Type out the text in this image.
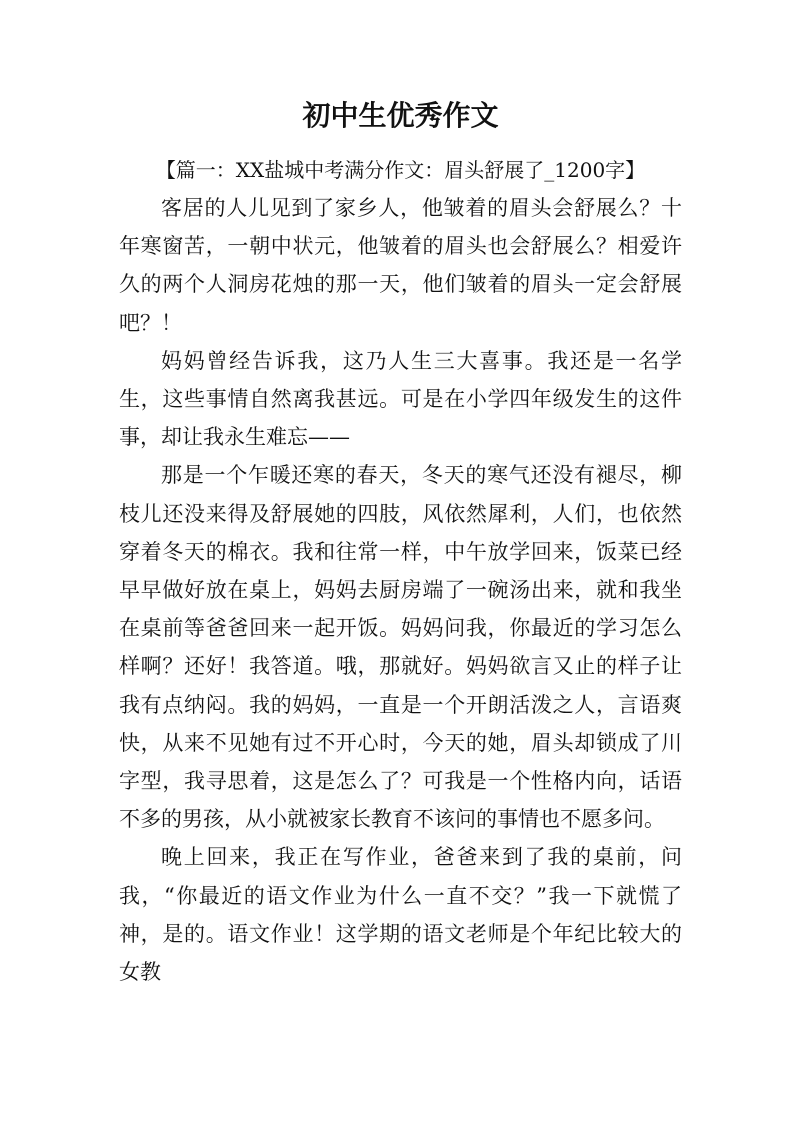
初中生优秀作文
【篇一：XX盐城中考满分作文：眉头舒展了_1200字】

客居的人儿见到了家乡人，他皱着的眉头会舒展么？十年寒窗苦，一朝中状元，他皱着的眉头也会舒展么？相爱许久的两个人洞房花烛的那一天，他们皱着的眉头一定会舒展吧？！

妈妈曾经告诉我，这乃人生三大喜事。我还是一名学生，这些事情自然离我甚远。可是在小学四年级发生的这件事，却让我永生难忘——

那是一个乍暖还寒的春天，冬天的寒气还没有褪尽，柳枝儿还没来得及舒展她的四肢，风依然犀利，人们，也依然穿着冬天的棉衣。我和往常一样，中午放学回来，饭菜已经早早做好放在桌上，妈妈去厨房端了一碗汤出来，就和我坐在桌前等爸爸回来一起开饭。妈妈问我，你最近的学习怎么样啊？还好！我答道。哦，那就好。妈妈欲言又止的样子让我有点纳闷。我的妈妈，一直是一个开朗活泼之人，言语爽快，从来不见她有过不开心时，今天的她，眉头却锁成了川字型，我寻思着，这是怎么了？可我是一个性格内向，话语不多的男孩，从小就被家长教育不该问的事情也不愿多问。

晚上回来，我正在写作业，爸爸来到了我的桌前，问我，“你最近的语文作业为什么一直不交？”我一下就慌了神，是的。语文作业！这学期的语文老师是个年纪比较大的女教
